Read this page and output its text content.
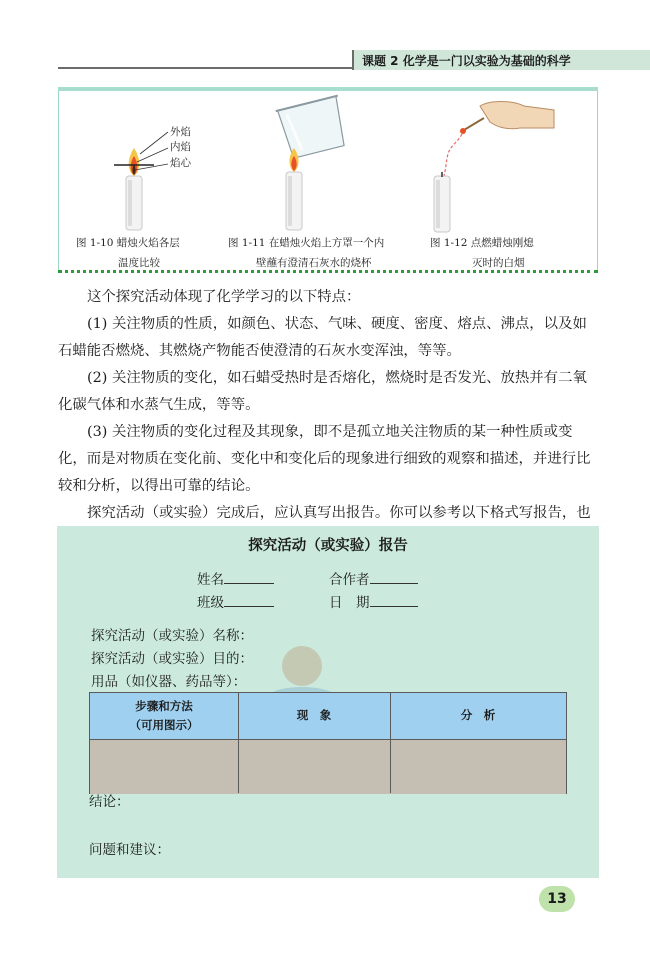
课题 2 化学是一门以实验为基础的科学
外焰
内焰
焰心
图 1-10 蜡烛火焰各层
温度比较
图 1-11 在蜡烛火焰上方罩一个内
壁蘸有澄清石灰水的烧杯
图 1-12 点燃蜡烛刚熄
灭时的白烟

这个探究活动体现了化学学习的以下特点：

(1) 关注物质的性质，如颜色、状态、气味、硬度、密度、熔点、沸点，以及如石蜡能否燃烧、其燃烧产物能否使澄清的石灰水变浑浊，等等。

(2) 关注物质的变化，如石蜡受热时是否熔化，燃烧时是否发光、放热并有二氧化碳气体和水蒸气生成，等等。

(3) 关注物质的变化过程及其现象，即不是孤立地关注物质的某一种性质或变化，而是对物质在变化前、变化中和变化后的现象进行细致的观察和描述，并进行比较和分析，以得出可靠的结论。

探究活动（或实验）完成后，应认真写出报告。你可以参考以下格式写报告，也

探究活动（或实验）报告
姓名	合作者
班级	日　期
探究活动（或实验）名称：
探究活动（或实验）目的：
用品（如仪器、药品等）：
步骤和方法
（可用图示）
现　象	分　析
结论：
问题和建议：
13
